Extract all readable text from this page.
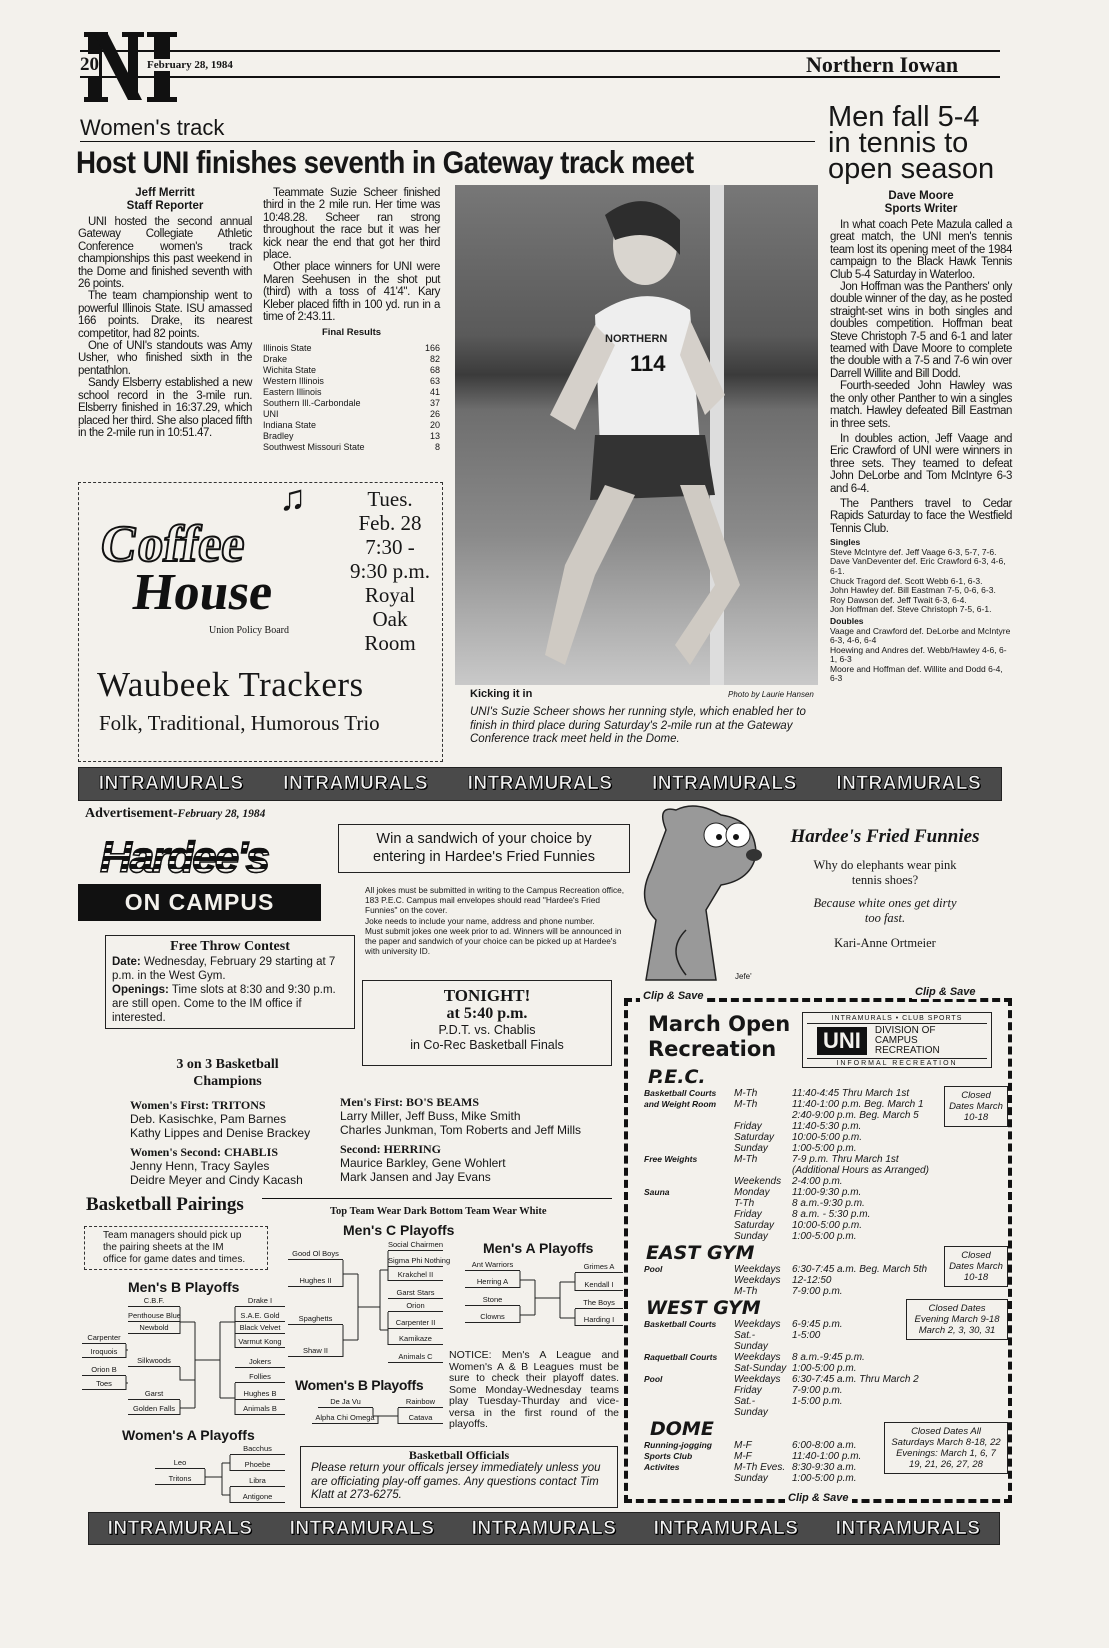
20	February 28, 1984	Northern Iowan
Women's track
Host UNI finishes seventh in Gateway track meet
Jeff Merritt
Staff Reporter

UNI hosted the second annual Gateway Collegiate Athletic Conference women's track championships this past weekend in the Dome and finished seventh with 26 points.

The team championship went to powerful Illinois State. ISU amassed 166 points. Drake, its nearest competitor, had 82 points.

One of UNI's standouts was Amy Usher, who finished sixth in the pentathlon.

Sandy Elsberry established a new school record in the 3-mile run. Elsberry finished in 16:37.29, which placed her third. She also placed fifth in the 2-mile run in 10:51.47.

Teammate Suzie Scheer finished third in the 2 mile run. Her time was 10:48.28. Scheer ran strong throughout the race but it was her kick near the end that got her third place.

Other place winners for UNI were Maren Seehusen in the shot put (third) with a toss of 41'4". Kary Kleber placed fifth in 100 yd. run in a time of 2:43.11.

Final Results
Illinois State	166
Drake	82
Wichita State	68
Western Illinois	63
Eastern Illinois	41
Southern Ill.-Carbondale	37
UNI	26
Indiana State	20
Bradley	13
Southwest Missouri State	8
NORTHERN
114
Kicking it in	Photo by Laurie Hansen
UNI's Suzie Scheer shows her running style, which enabled her to finish in third place during Saturday's 2-mile run at the Gateway Conference track meet held in the Dome.
Men fall 5-4
in tennis to
open season
Dave Moore
Sports Writer

In what coach Pete Mazula called a great match, the UNI men's tennis team lost its opening meet of the 1984 campaign to the Black Hawk Tennis Club 5-4 Saturday in Waterloo.

Jon Hoffman was the Panthers' only double winner of the day, as he posted straight-set wins in both singles and doubles competition. Hoffman beat Steve Christoph 7-5 and 6-1 and later teamed with Dave Moore to complete the double with a 7-5 and 7-6 win over Darrell Willite and Bill Dodd.

Fourth-seeded John Hawley was the only other Panther to win a singles match. Hawley defeated Bill Eastman in three sets.

In doubles action, Jeff Vaage and Eric Crawford of UNI were winners in three sets. They teamed to defeat John DeLorbe and Tom McIntyre 6-3 and 6-4.

The Panthers travel to Cedar Rapids Saturday to face the Westfield Tennis Club.

Singles
Steve McIntyre def. Jeff Vaage 6-3, 5-7, 7-6.
Dave VanDeventer def. Eric Crawford 6-3, 4-6, 6-1.
Chuck Tragord def. Scott Webb 6-1, 6-3.
John Hawley def. Bill Eastman 7-5, 0-6, 6-3.
Roy Dawson def. Jeff Twait 6-3, 6-4.
Jon Hoffman def. Steve Christoph 7-5, 6-1.
Doubles
Vaage and Crawford def. DeLorbe and McIntyre 6-3, 4-6, 6-4
Hoewing and Andres def. Webb/Hawley 4-6, 6-1, 6-3
Moore and Hoffman def. Willite and Dodd 6-4, 6-3
Coffee
House
♫
Union Policy Board
Tues.
Feb. 28
7:30 -
9:30 p.m.
Royal
Oak
Room
Waubeek Trackers
Folk, Traditional, Humorous Trio
INTRAMURALS INTRAMURALS INTRAMURALS INTRAMURALS INTRAMURALS
Advertisement-February 28, 1984
Hardee's
ON CAMPUS
Win a sandwich of your choice by entering in Hardee's Fried Funnies
All jokes must be submitted in writing to the Campus Recreation office, 183 P.E.C. Campus mail envelopes should read "Hardee's Fried Funnies" on the cover.
Joke needs to include your name, address and phone number.
Must submit jokes one week prior to ad. Winners will be announced in the paper and sandwich of your choice can be picked up at Hardee's with university ID.
Jefe'
Hardee's Fried Funnies
Why do elephants wear pink tennis shoes?
Because white ones get dirty too fast.
Kari-Anne Ortmeier
Free Throw Contest
Date: Wednesday, February 29 starting at 7 p.m. in the West Gym.
Openings: Time slots at 8:30 and 9:30 p.m. are still open. Come to the IM office if interested.
TONIGHT!
at 5:40 p.m.
P.D.T. vs. Chablis
in Co-Rec Basketball Finals
3 on 3 Basketball Champions
Women's First: TRITONS
Deb. Kasischke, Pam Barnes
Kathy Lippes and Denise Brackey
Women's Second: CHABLIS
Jenny Henn, Tracy Sayles
Deidre Meyer and Cindy Kacash
Men's First: BO'S BEAMS
Larry Miller, Jeff Buss, Mike Smith
Charles Junkman, Tom Roberts and Jeff Mills
Second: HERRING
Maurice Barkley, Gene Wohlert
Mark Jansen and Jay Evans
Basketball Pairings
Team managers should pick up the pairing sheets at the IM office for game dates and times.
Top Team Wear Dark Bottom Team Wear White
Men's B Playoffs
Men's C Playoffs
Men's A Playoffs
Women's B Playoffs
Women's A Playoffs
C.B.F.
Penthouse Blue
Newbold
Carpenter
Iroquois
Silkwoods
Orion B
Toes
Garst
Golden Falls
Drake I
S.A.E. Gold
Black Velvet
Varmut Kong
Jokers
Follies
Hughes B
Animals B
Good Ol Boys
Hughes II
Spaghetts
Shaw II
Social Chairmen
Sigma Phi Nothing
Krakchel II
Garst Stars
Orion
Carpenter II
Kamikaze
Animals C
Ant Warriors
Herring A
Stone
Clowns
Grimes A
Kendall I
The Boys
Harding I
De Ja Vu
Alpha Chi Omega
Rainbow
Catava
Leo
Tritons
Bacchus
Phoebe
Libra
Antigone
NOTICE: Men's A League and Women's A & B Leagues must be sure to check their playoff dates. Some Monday-Wednesday teams play Tuesday-Thurday and vice-versa in the first round of the playoffs.
Basketball Officials
Please return your officals jersey immediately unless you are officiating play-off games. Any questions contact Tim Klatt at 273-6275.
Clip & Save	Clip & Save
Clip & Save
March Open Recreation
INTRAMURALS • CLUB SPORTS
UNI	DIVISION OF
CAMPUS
RECREATION
INFORMAL RECREATION
P.E.C.
Basketball Courts	M-Th	11:40-4:45 Thru March 1st
and Weight Room	M-Th	11:40-1:00 p.m. Beg. March 1
		2:40-9:00 p.m. Beg. March 5
	Friday	11:40-5:30 p.m.
	Saturday	10:00-5:00 p.m.
	Sunday	1:00-5:00 p.m.
Free Weights	M-Th	7-9 p.m. Thru March 1st (Additional Hours as Arranged)
	Weekends	2-4:00 p.m.
Sauna	Monday	11:00-9:30 p.m.
	T-Th	8 a.m.-9:30 p.m.
	Friday	8 a.m. - 5:30 p.m.
	Saturday	10:00-5:00 p.m.
	Sunday	1:00-5:00 p.m.
Closed Dates March 10-18
EAST GYM
Pool	Weekdays	6:30-7:45 a.m. Beg. March 5th
	Weekdays	12-12:50
	M-Th	7-9:00 p.m.
Closed Dates March 10-18
WEST GYM
Basketball Courts	Weekdays	6-9:45 p.m.
	Sat.-Sunday	1-5:00
Raquetball Courts	Weekdays	8 a.m.-9:45 p.m.
	Sat-Sunday	1:00-5:00 p.m.
Pool	Weekdays	6:30-7:45 a.m. Thru March 2
	Friday	7-9:00 p.m.
	Sat.-Sunday	1-5:00 p.m.
Closed Dates Evening March 9-18 March 2, 3, 30, 31
DOME
Running-jogging	M-F	6:00-8:00 a.m.
Sports Club	M-F	11:40-1:00 p.m.
Activites	M-Th Eves.	8:30-9:30 a.m.
	Sunday	1:00-5:00 p.m.
Closed Dates All Saturdays March 8-18, 22 Evenings: March 1, 6, 7 19, 21, 26, 27, 28
INTRAMURALS INTRAMURALS INTRAMURALS INTRAMURALS INTRAMURALS
